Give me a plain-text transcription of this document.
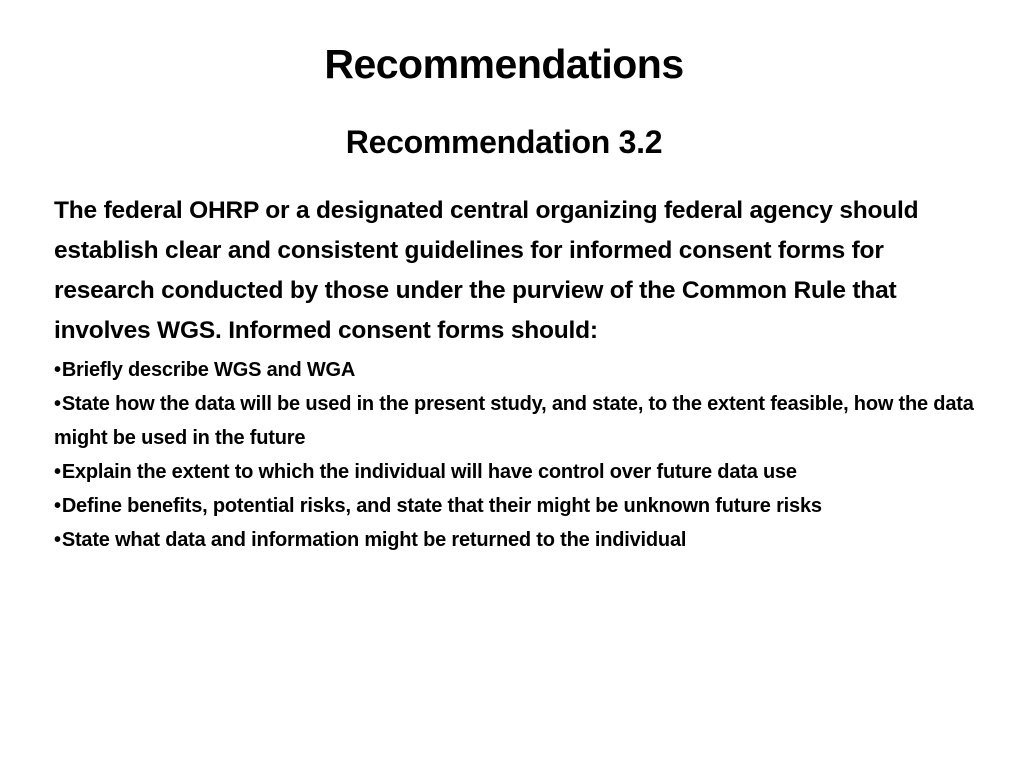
Recommendations
Recommendation 3.2

The federal OHRP or a designated central organizing federal agency should establish clear and consistent guidelines for informed consent forms for research conducted by those under the purview of the Common Rule that involves WGS. Informed consent forms should:

•Briefly describe WGS and WGA
•State how the data will be used in the present study, and state, to the extent feasible, how the data might be used in the future
•Explain the extent to which the individual will have control over future data use
•Define benefits, potential risks, and state that their might be unknown future risks
•State what data and information might be returned to the individual
